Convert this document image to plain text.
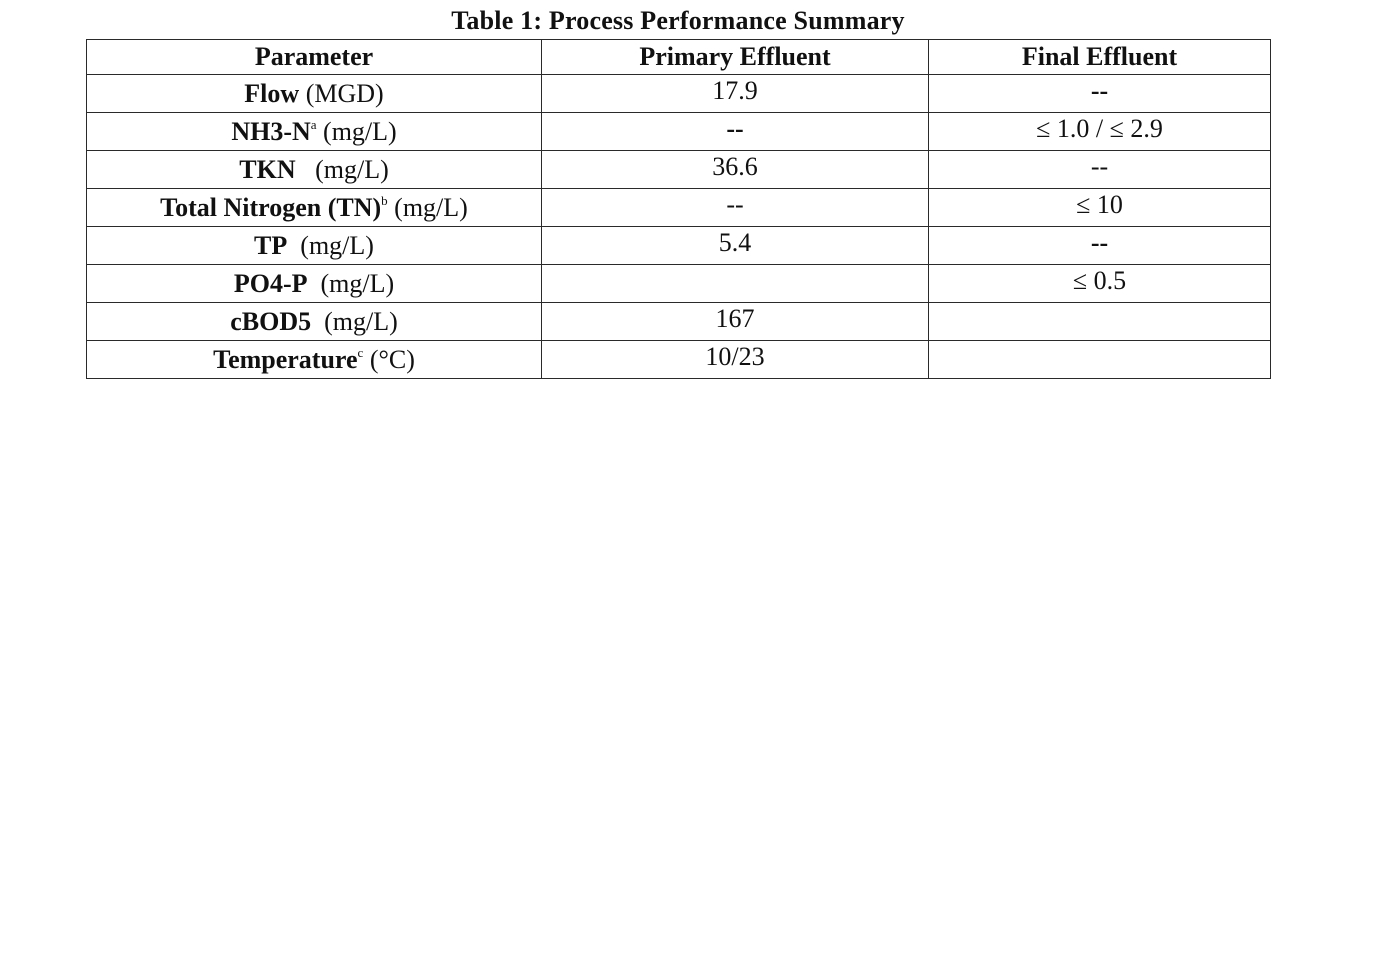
Table 1: Process Performance Summary
Parameter	Primary Effluent	Final Effluent
Flow (MGD)	17.9	--
NH3-N$^a$ (mg/L)	--	≤ 1.0 / ≤ 2.9
TKN   (mg/L)	36.6	--
Total Nitrogen (TN)$^b$ (mg/L)	--	≤ 10
TP  (mg/L)	5.4	--
PO4-P  (mg/L)		≤ 0.5
cBOD5  (mg/L)	167	
Temperature$^c$ (°C)	10/23	
